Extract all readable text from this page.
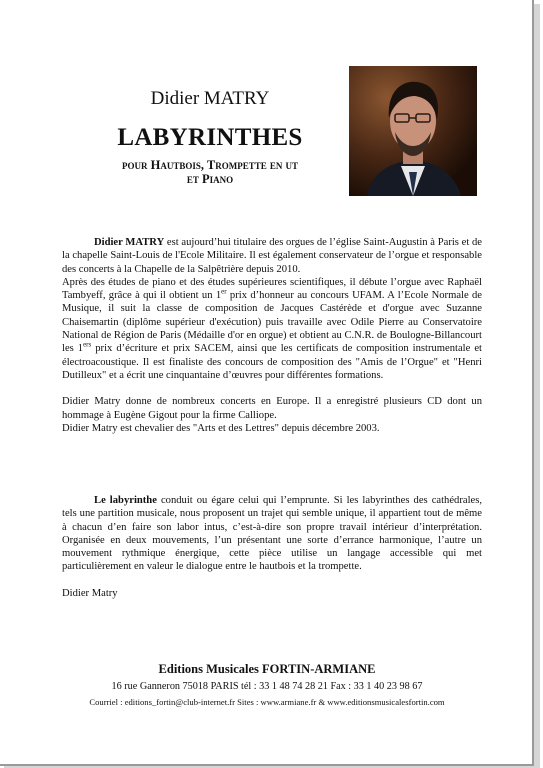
Didier MATRY
LABYRINTHES
pour Hautbois, Trompette en ut
et Piano

Didier MATRY est aujourd’hui titulaire des orgues de l’église Saint-Augustin à Paris et de la chapelle Saint-Louis de l'Ecole Militaire. Il est également conservateur de l’orgue et responsable des concerts à la Chapelle de la Salpêtrière depuis 2010.

Après des études de piano et des études supérieures scientifiques, il débute l’orgue avec Raphaël Tambyeff, grâce à qui il obtient un 1er prix d’honneur au concours UFAM. A l’Ecole Normale de Musique, il suit la classe de composition de Jacques Castérède et d'orgue avec Suzanne Chaisemartin (diplôme supérieur d'exécution) puis travaille avec Odile Pierre au Conservatoire National de Région de Paris (Médaille d'or en orgue) et obtient au C.N.R. de Boulogne-Billancourt les 1ers prix d’écriture et prix SACEM, ainsi que les certificats de composition instrumentale et électroacoustique. Il est finaliste des concours de composition des "Amis de l’Orgue" et "Henri Dutilleux" et a écrit une cinquantaine d’œuvres pour différentes formations.

Didier Matry donne de nombreux concerts en Europe. Il a enregistré plusieurs CD dont un hommage à Eugène Gigout pour la firme Calliope.

Didier Matry est chevalier des "Arts et des Lettres" depuis décembre 2003.

Le labyrinthe conduit ou égare celui qui l’emprunte. Si les labyrinthes des cathédrales, tels une partition musicale, nous proposent un trajet qui semble unique, il appartient tout de même à chacun d’en faire son labor intus, c’est-à-dire son propre travail intérieur d’interprétation. Organisée en deux mouvements, l’un présentant une sorte d’errance harmonique, l’autre un mouvement rythmique énergique, cette pièce utilise un langage accessible qui met particulièrement en valeur le dialogue entre le hautbois et la trompette.

Didier Matry

Editions Musicales FORTIN-ARMIANE
16 rue Ganneron 75018 PARIS tél : 33 1 48 74 28 21 Fax : 33 1 40 23 98 67
Courriel : editions_fortin@club-internet.fr Sites : www.armiane.fr & www.editionsmusicalesfortin.com
